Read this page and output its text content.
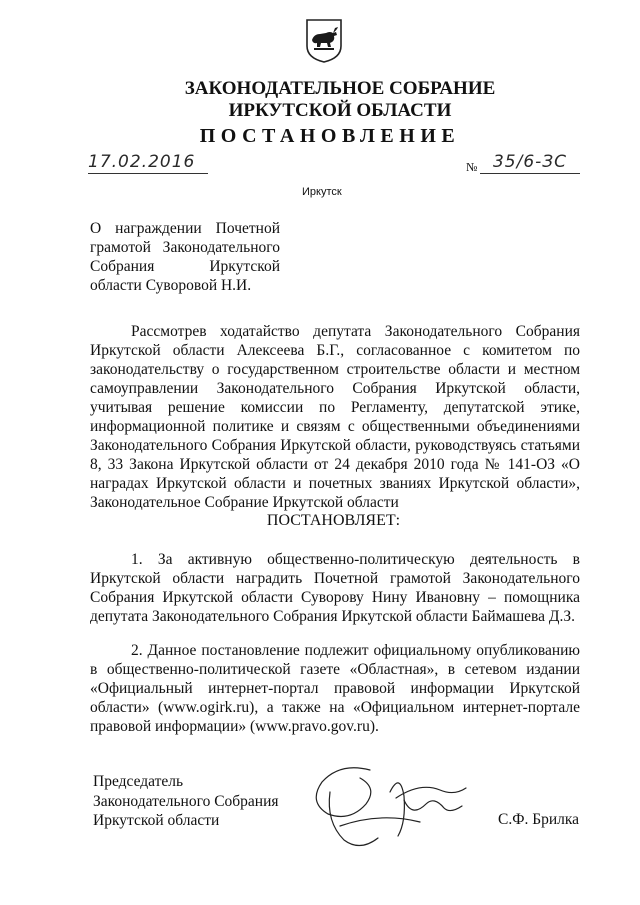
ЗАКОНОДАТЕЛЬНОЕ СОБРАНИЕ
ИРКУТСКОЙ ОБЛАСТИ
ПОСТАНОВЛЕНИЕ
17.02.2016	№ 35/6-ЗС
Иркутск
О награждении Почетной грамотой Законодательного Собрания Иркутской области Суворовой Н.И.
Рассмотрев ходатайство депутата Законодательного Собрания Иркутской области Алексеева Б.Г., согласованное с комитетом по законодательству о государственном строительстве области и местном самоуправлении Законодательного Собрания Иркутской области, учитывая решение комиссии по Регламенту, депутатской этике, информационной политике и связям с общественными объединениями Законодательного Собрания Иркутской области, руководствуясь статьями 8, 33 Закона Иркутской области от 24 декабря 2010 года № 141-ОЗ «О наградах Иркутской области и почетных званиях Иркутской области», Законодательное Собрание Иркутской области
ПОСТАНОВЛЯЕТ:
1. За активную общественно-политическую деятельность в Иркутской области наградить Почетной грамотой Законодательного Собрания Иркутской области Суворову Нину Ивановну – помощника депутата Законодательного Собрания Иркутской области Баймашева Д.З.
2. Данное постановление подлежит официальному опубликованию в общественно-политической газете «Областная», в сетевом издании «Официальный интернет-портал правовой информации Иркутской области» (www.ogirk.ru), а также на «Официальном интернет-портале правовой информации» (www.pravo.gov.ru).
Председатель
Законодательного Собрания
Иркутской области	С.Ф. Брилка
